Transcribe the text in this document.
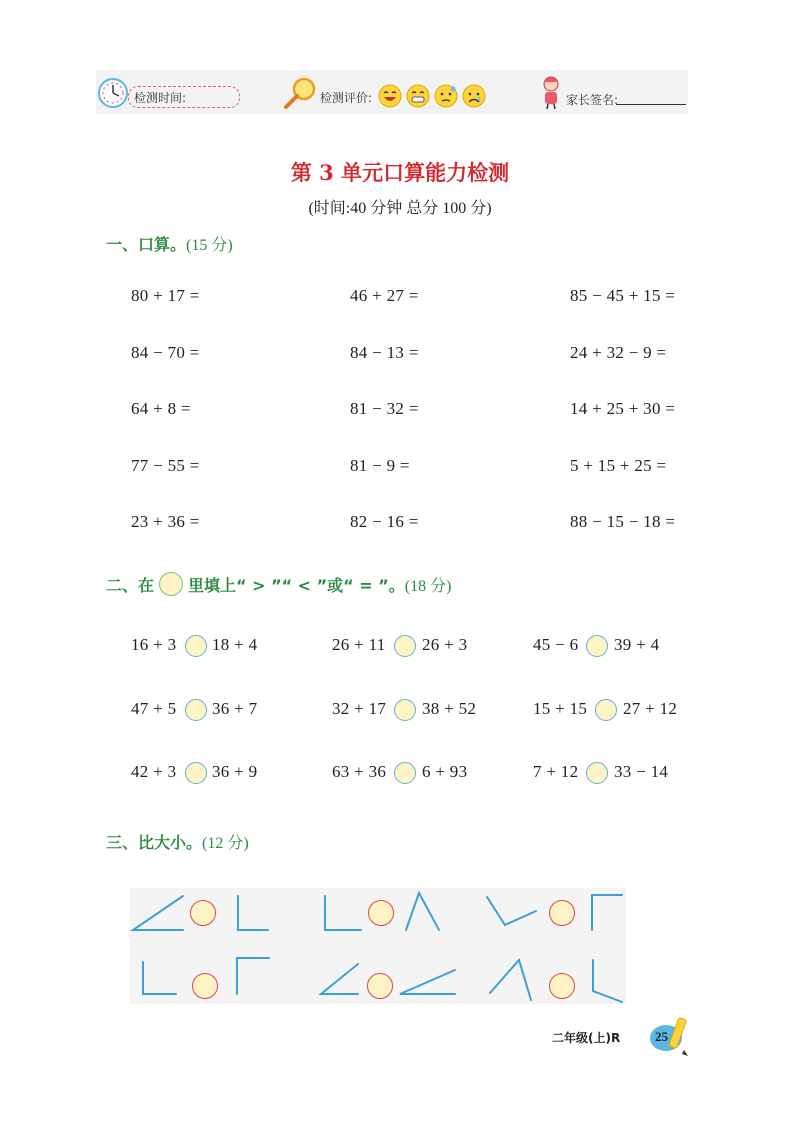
检测时间:	检测评价:	家长签名:
第 3 单元口算能力检测
(时间:40 分钟 总分 100 分)
一、口算。(15 分)
80 + 17 =	46 + 27 =	85 − 45 + 15 =
84 − 70 =	84 − 13 =	24 + 32 − 9 =
64 + 8 =	81 − 32 =	14 + 25 + 30 =
77 − 55 =	81 − 9 =	5 + 15 + 25 =
23 + 36 =	82 − 16 =	88 − 15 − 18 =
二、在 里填上“ > ”“ < ”或“ = ”。 (18 分)
16 + 3 18 + 4	26 + 11 26 + 3	45 − 6 39 + 4
47 + 5 36 + 7	32 + 17 38 + 52	15 + 15 27 + 12
42 + 3 36 + 9	63 + 36 6 + 93	7 + 12 33 − 14
三、比大小。(12 分)
二年级(上)R	25
